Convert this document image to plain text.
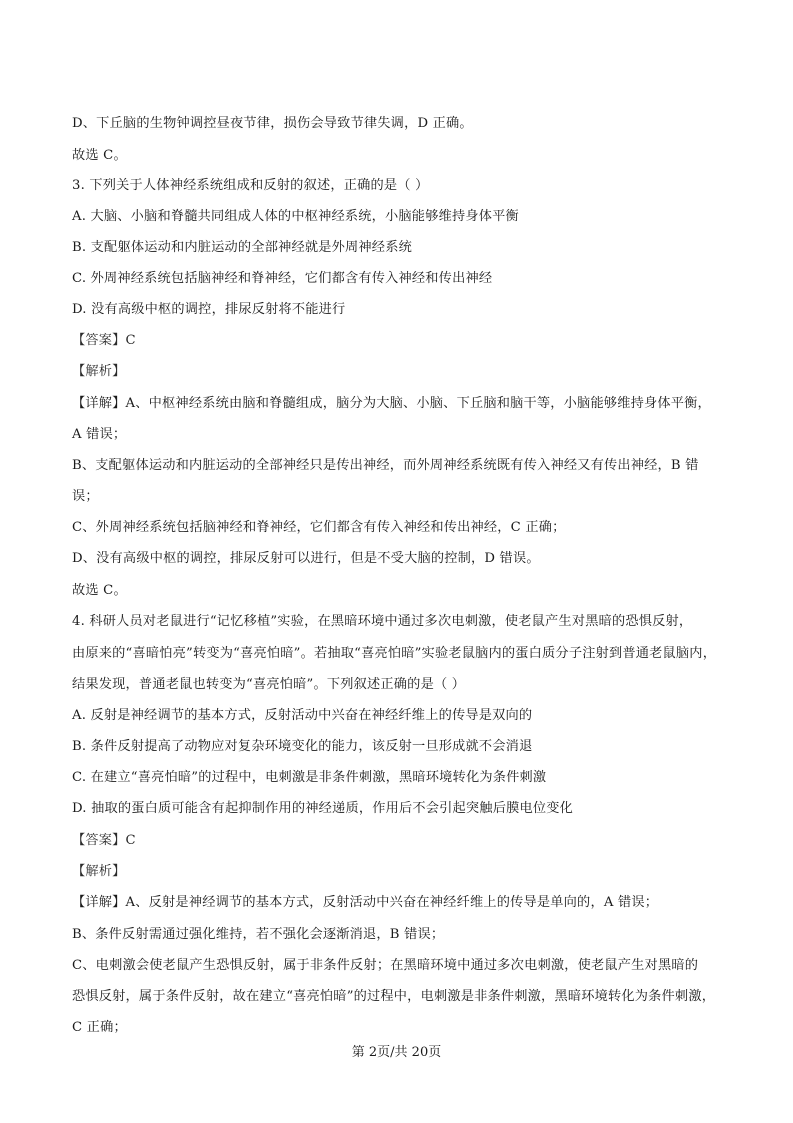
D、下丘脑的生物钟调控昼夜节律，损伤会导致节律失调，D 正确。
故选 C。
3. 下列关于人体神经系统组成和反射的叙述，正确的是（ ）
A. 大脑、小脑和脊髓共同组成人体的中枢神经系统，小脑能够维持身体平衡
B. 支配躯体运动和内脏运动的全部神经就是外周神经系统
C. 外周神经系统包括脑神经和脊神经，它们都含有传入神经和传出神经
D. 没有高级中枢的调控，排尿反射将不能进行
【答案】C
【解析】
【详解】A、中枢神经系统由脑和脊髓组成，脑分为大脑、小脑、下丘脑和脑干等，小脑能够维持身体平衡，
A 错误；
B、支配躯体运动和内脏运动的全部神经只是传出神经，而外周神经系统既有传入神经又有传出神经，B 错
误；
C、外周神经系统包括脑神经和脊神经，它们都含有传入神经和传出神经，C 正确；
D、没有高级中枢的调控，排尿反射可以进行，但是不受大脑的控制，D 错误。
故选 C。
4. 科研人员对老鼠进行“记忆移植”实验，在黑暗环境中通过多次电刺激，使老鼠产生对黑暗的恐惧反射，
由原来的“喜暗怕亮”转变为“喜亮怕暗”。若抽取“喜亮怕暗”实验老鼠脑内的蛋白质分子注射到普通老鼠脑内，
结果发现，普通老鼠也转变为“喜亮怕暗”。下列叙述正确的是（ ）
A. 反射是神经调节的基本方式，反射活动中兴奋在神经纤维上的传导是双向的
B. 条件反射提高了动物应对复杂环境变化的能力，该反射一旦形成就不会消退
C. 在建立“喜亮怕暗”的过程中，电刺激是非条件刺激，黑暗环境转化为条件刺激
D. 抽取的蛋白质可能含有起抑制作用的神经递质，作用后不会引起突触后膜电位变化
【答案】C
【解析】
【详解】A、反射是神经调节的基本方式，反射活动中兴奋在神经纤维上的传导是单向的，A 错误；
B、条件反射需通过强化维持，若不强化会逐渐消退，B 错误；
C、电刺激会使老鼠产生恐惧反射，属于非条件反射；在黑暗环境中通过多次电刺激，使老鼠产生对黑暗的
恐惧反射，属于条件反射，故在建立“喜亮怕暗”的过程中，电刺激是非条件刺激，黑暗环境转化为条件刺激，
C 正确；
第 2页/共 20页
